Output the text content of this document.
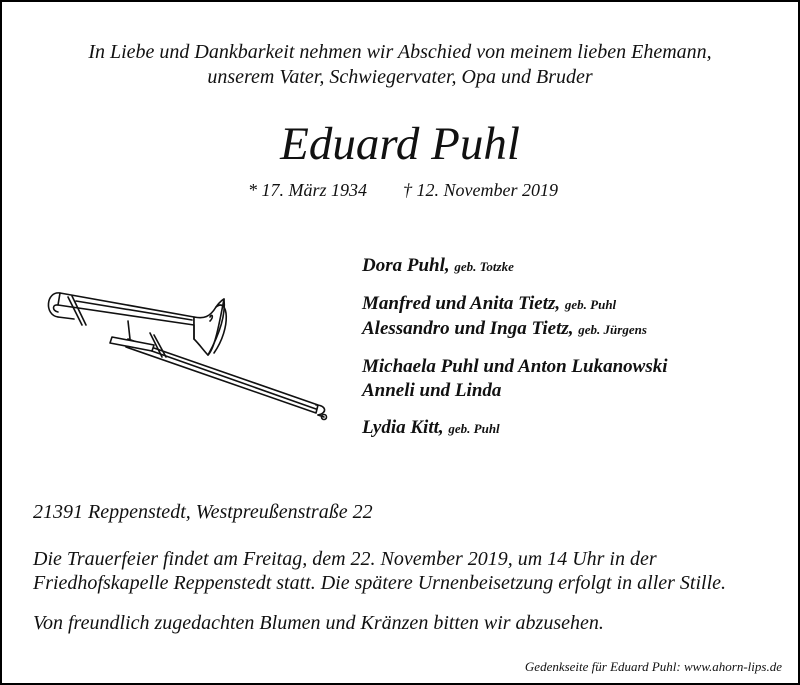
In Liebe und Dankbarkeit nehmen wir Abschied von meinem lieben Ehemann,
unserem Vater, Schwiegervater, Opa und Bruder
Eduard Puhl
* 17. März 1934 † 12. November 2019
Dora Puhl, geb. Totzke
Manfred und Anita Tietz, geb. Puhl
Alessandro und Inga Tietz, geb. Jürgens
Michaela Puhl und Anton Lukanowski
Anneli und Linda
Lydia Kitt, geb. Puhl
21391 Reppenstedt, Westpreußenstraße 22
Die Trauerfeier findet am Freitag, dem 22. November 2019, um 14 Uhr in der
Friedhofskapelle Reppenstedt statt. Die spätere Urnenbeisetzung erfolgt in aller Stille.
Von freundlich zugedachten Blumen und Kränzen bitten wir abzusehen.
Gedenkseite für Eduard Puhl: www.ahorn-lips.de
